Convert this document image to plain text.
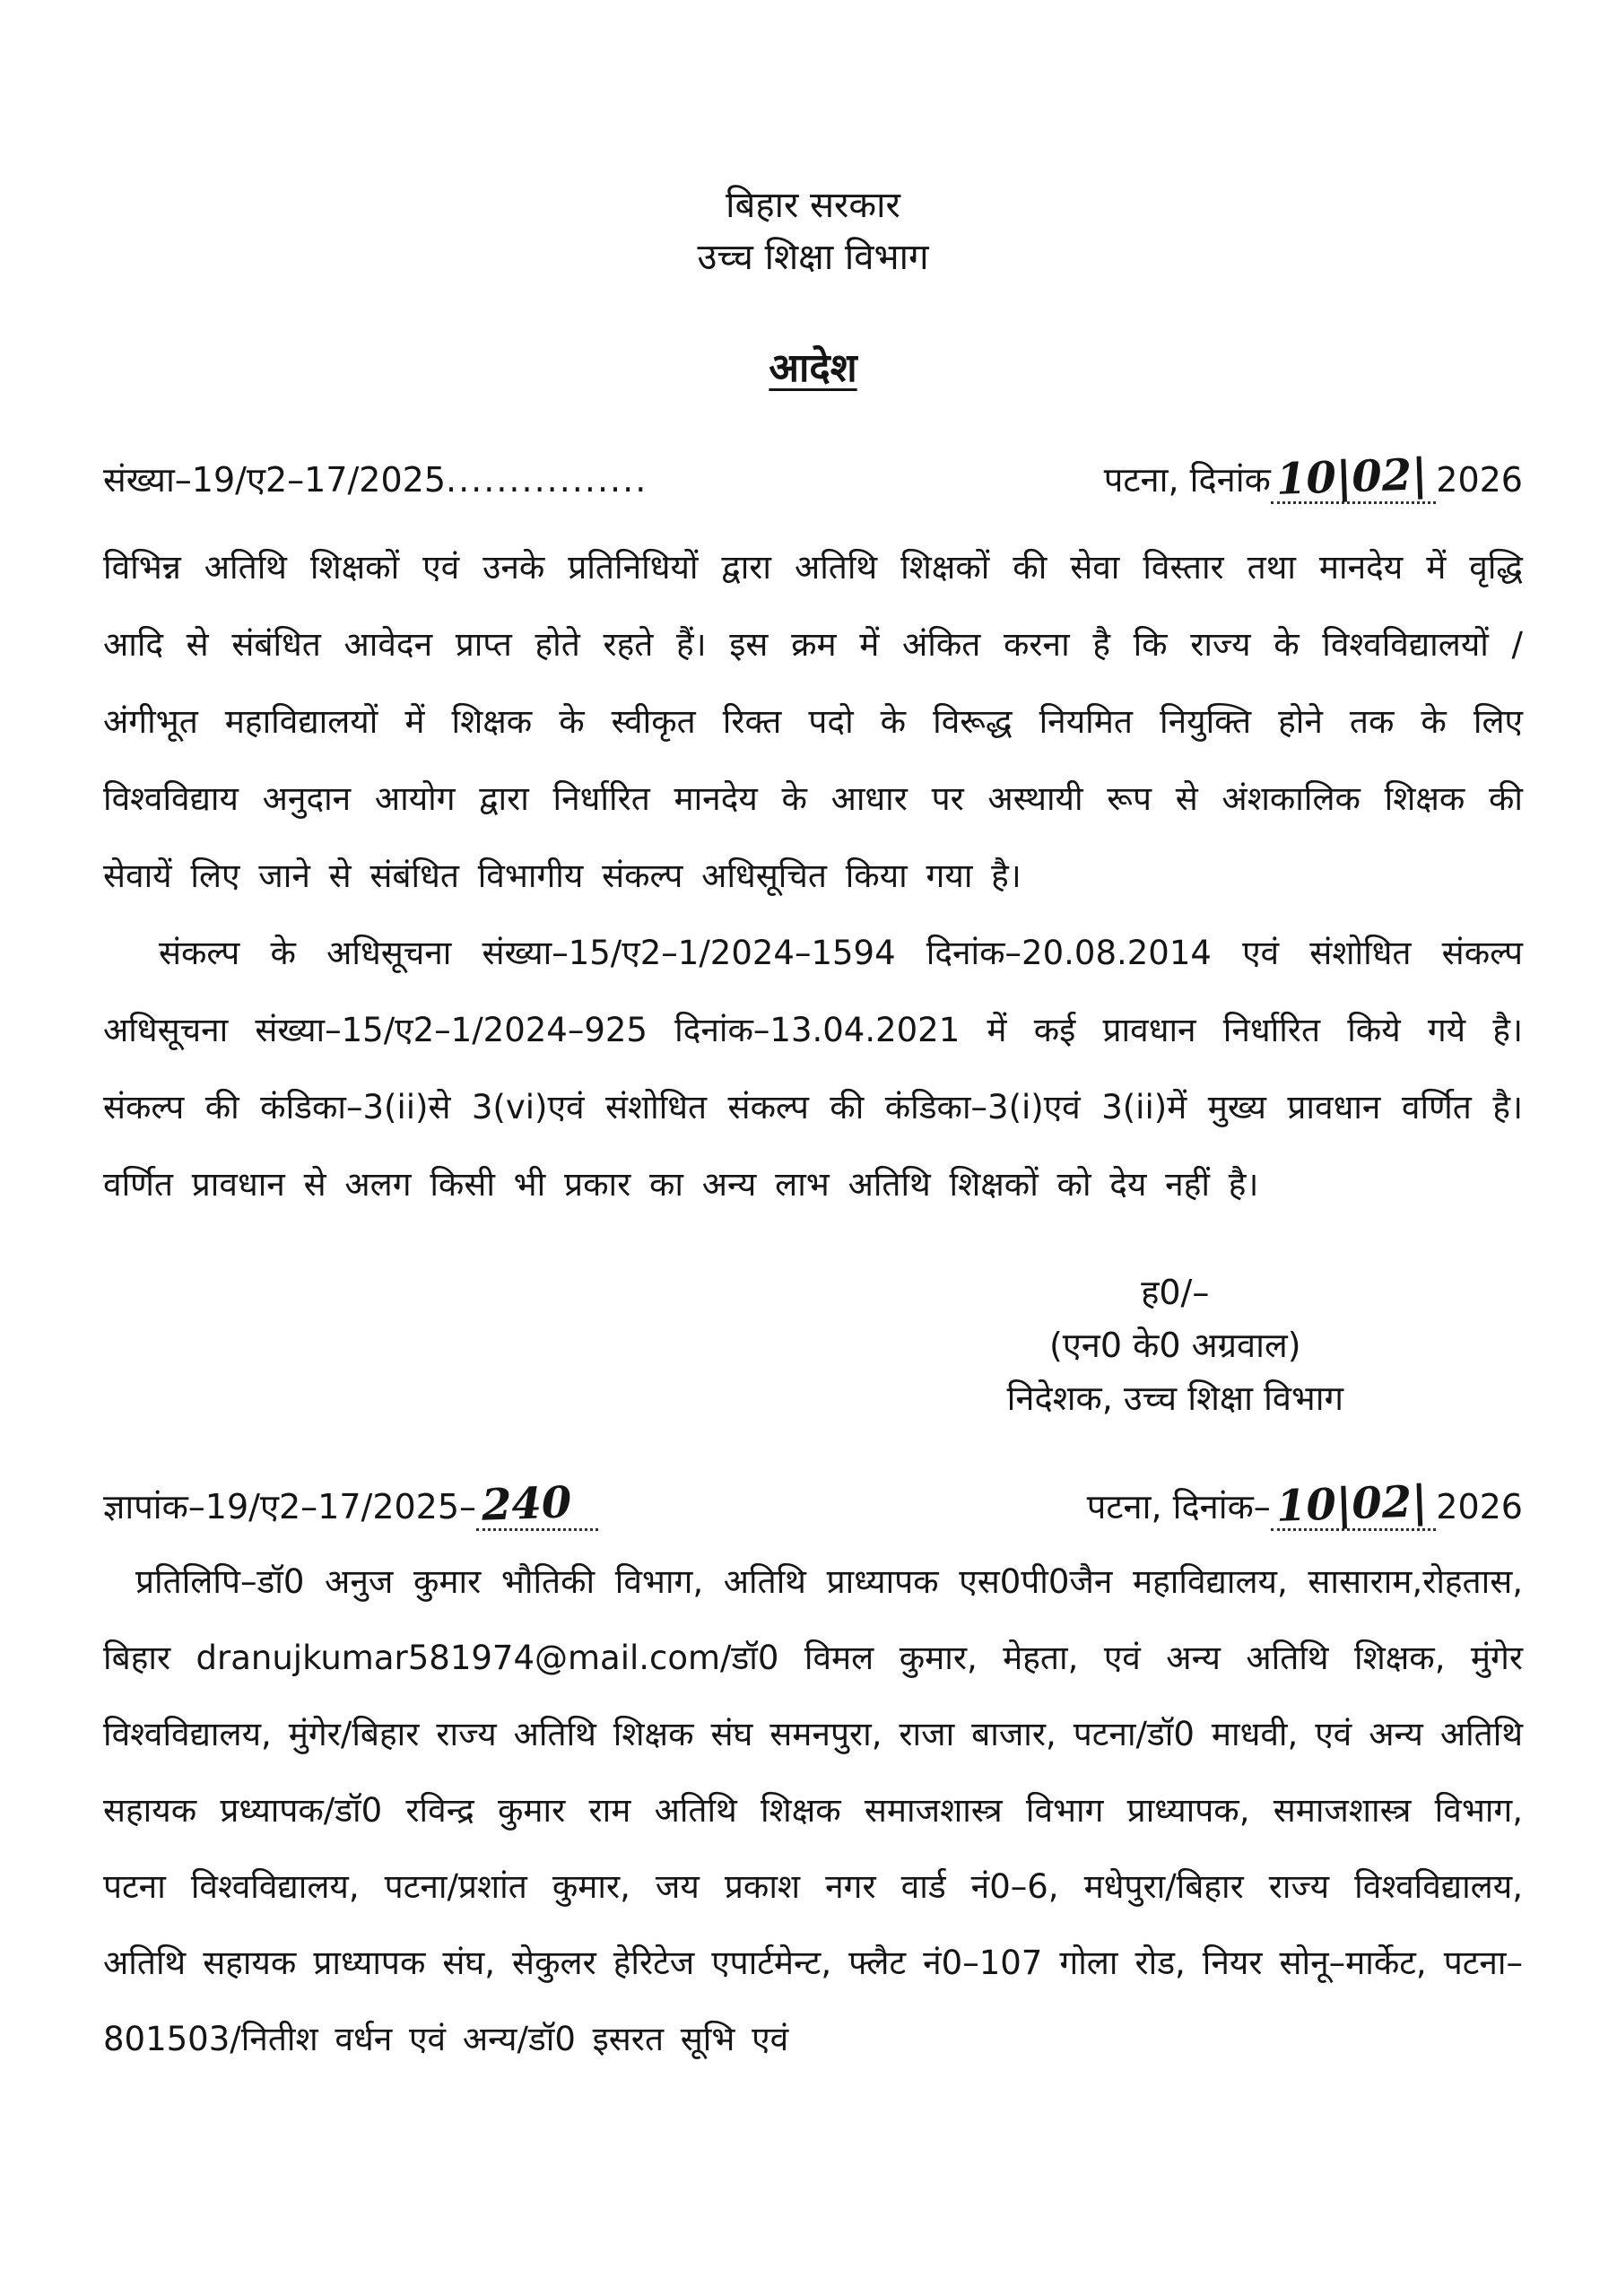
बिहार सरकार
उच्च शिक्षा विभाग
आदेश
संख्या–19/ए2–17/2025................	पटना, दिनांक 10|02| 2026

विभिन्न अतिथि शिक्षकों एवं उनके प्रतिनिधियों द्वारा अतिथि शिक्षकों की सेवा विस्तार तथा मानदेय में वृद्धि आदि से संबंधित आवेदन प्राप्त होते रहते हैं। इस क्रम में अंकित करना है कि राज्य के विश्वविद्यालयों / अंगीभूत महाविद्यालयों में शिक्षक के स्वीकृत रिक्त पदो के विरूद्ध नियमित नियुक्ति होने तक के लिए विश्वविद्याय अनुदान आयोग द्वारा निर्धारित मानदेय के आधार पर अस्थायी रूप से अंशकालिक शिक्षक की सेवायें लिए जाने से संबंधित विभागीय संकल्प अधिसूचित किया गया है।

संकल्प के अधिसूचना संख्या–15/ए2–1/2024–1594 दिनांक–20.08.2014 एवं संशोधित संकल्प अधिसूचना संख्या–15/ए2–1/2024–925 दिनांक–13.04.2021 में कई प्रावधान निर्धारित किये गये है। संकल्प की कंडिका–3(ii)से 3(vi)एवं संशोधित संकल्प की कंडिका–3(i)एवं 3(ii)में मुख्य प्रावधान वर्णित है। वर्णित प्रावधान से अलग किसी भी प्रकार का अन्य लाभ अतिथि शिक्षकों को देय नहीं है।

ह0/–
(एन0 के0 अग्रवाल)
निदेशक, उच्च शिक्षा विभाग
ज्ञापांक–19/ए2–17/2025– 240	पटना, दिनांक– 10|02| 2026

प्रतिलिपि–डॉ0 अनुज कुमार भौतिकी विभाग, अतिथि प्राध्यापक एस0पी0जैन महाविद्यालय, सासाराम,रोहतास, बिहार dranujkumar581974@mail.com/डॉ0 विमल कुमार, मेहता, एवं अन्य अतिथि शिक्षक, मुंगेर विश्वविद्यालय, मुंगेर/बिहार राज्य अतिथि शिक्षक संघ समनपुरा, राजा बाजार, पटना/डॉ0 माधवी, एवं अन्य अतिथि सहायक प्रध्यापक/डॉ0 रविन्द्र कुमार राम अतिथि शिक्षक समाजशास्त्र विभाग प्राध्यापक, समाजशास्त्र विभाग, पटना विश्वविद्यालय, पटना/प्रशांत कुमार, जय प्रकाश नगर वार्ड नं0–6, मधेपुरा/बिहार राज्य विश्वविद्यालय, अतिथि सहायक प्राध्यापक संघ, सेकुलर हेरिटेज एपार्टमेन्ट, फ्लैट नं0–107 गोला रोड, नियर सोनू–मार्केट, पटना–801503/नितीश वर्धन एवं अन्य/डॉ0 इसरत सूभि एवं
